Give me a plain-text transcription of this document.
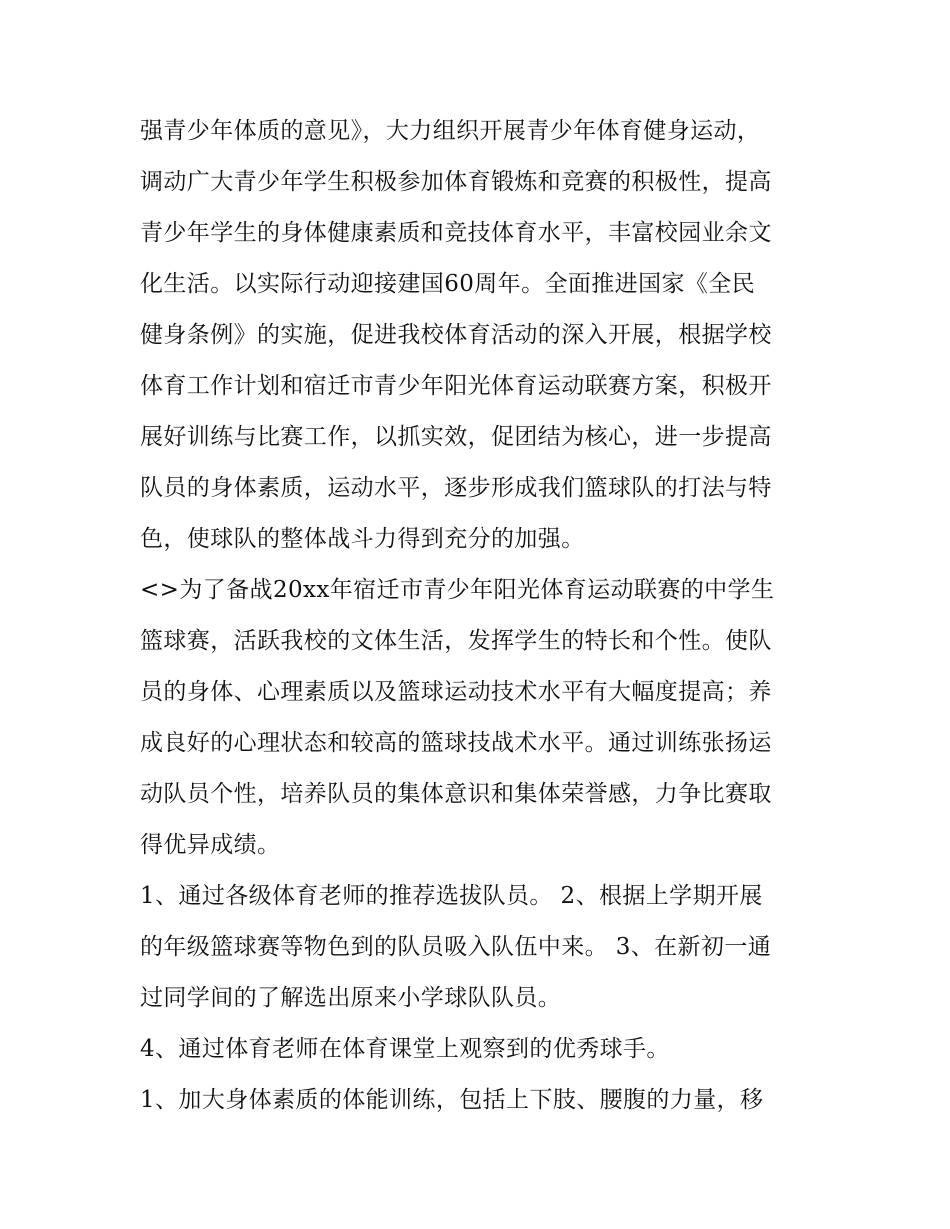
强青少年体质的意见》，大力组织开展青少年体育健身运动，
调动广大青少年学生积极参加体育锻炼和竞赛的积极性，提高
青少年学生的身体健康素质和竞技体育水平，丰富校园业余文
化生活。以实际行动迎接建国60周年。全面推进国家《全民
健身条例》的实施，促进我校体育活动的深入开展，根据学校
体育工作计划和宿迁市青少年阳光体育运动联赛方案，积极开
展好训练与比赛工作，以抓实效，促团结为核心，进一步提高
队员的身体素质，运动水平，逐步形成我们篮球队的打法与特
色，使球队的整体战斗力得到充分的加强。
<>为了备战20xx年宿迁市青少年阳光体育运动联赛的中学生
篮球赛，活跃我校的文体生活，发挥学生的特长和个性。使队
员的身体、心理素质以及篮球运动技术水平有大幅度提高；养
成良好的心理状态和较高的篮球技战术水平。通过训练张扬运
动队员个性，培养队员的集体意识和集体荣誉感，力争比赛取
得优异成绩。
1、通过各级体育老师的推荐选拔队员。 2、根据上学期开展
的年级篮球赛等物色到的队员吸入队伍中来。 3、在新初一通
过同学间的了解选出原来小学球队队员。
4、通过体育老师在体育课堂上观察到的优秀球手。
1、加大身体素质的体能训练，包括上下肢、腰腹的力量，移
